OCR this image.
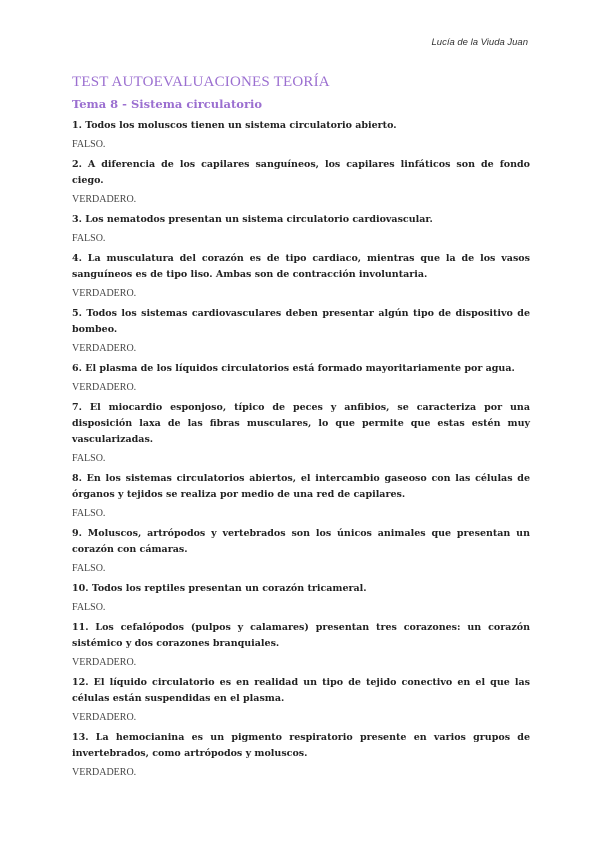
Lucía de la Viuda Juan
TEST AUTOEVALUACIONES TEORÍA
Tema 8 - Sistema circulatorio

1. Todos los moluscos tienen un sistema circulatorio abierto.

FALSO.

2. A diferencia de los capilares sanguíneos, los capilares linfáticos son de fondo ciego.

VERDADERO.

3. Los nematodos presentan un sistema circulatorio cardiovascular.

FALSO.

4. La musculatura del corazón es de tipo cardiaco, mientras que la de los vasos sanguíneos es de tipo liso. Ambas son de contracción involuntaria.

VERDADERO.

5. Todos los sistemas cardiovasculares deben presentar algún tipo de dispositivo de bombeo.

VERDADERO.

6. El plasma de los líquidos circulatorios está formado mayoritariamente por agua.

VERDADERO.

7. El miocardio esponjoso, típico de peces y anfibios, se caracteriza por una disposición laxa de las fibras musculares, lo que permite que estas estén muy vascularizadas.

FALSO.

8. En los sistemas circulatorios abiertos, el intercambio gaseoso con las células de órganos y tejidos se realiza por medio de una red de capilares.

FALSO.

9. Moluscos, artrópodos y vertebrados son los únicos animales que presentan un corazón con cámaras.

FALSO.

10. Todos los reptiles presentan un corazón tricameral.

FALSO.

11. Los cefalópodos (pulpos y calamares) presentan tres corazones: un corazón sistémico y dos corazones branquiales.

VERDADERO.

12. El líquido circulatorio es en realidad un tipo de tejido conectivo en el que las células están suspendidas en el plasma.

VERDADERO.

13. La hemocianina es un pigmento respiratorio presente en varios grupos de invertebrados, como artrópodos y moluscos.

VERDADERO.
